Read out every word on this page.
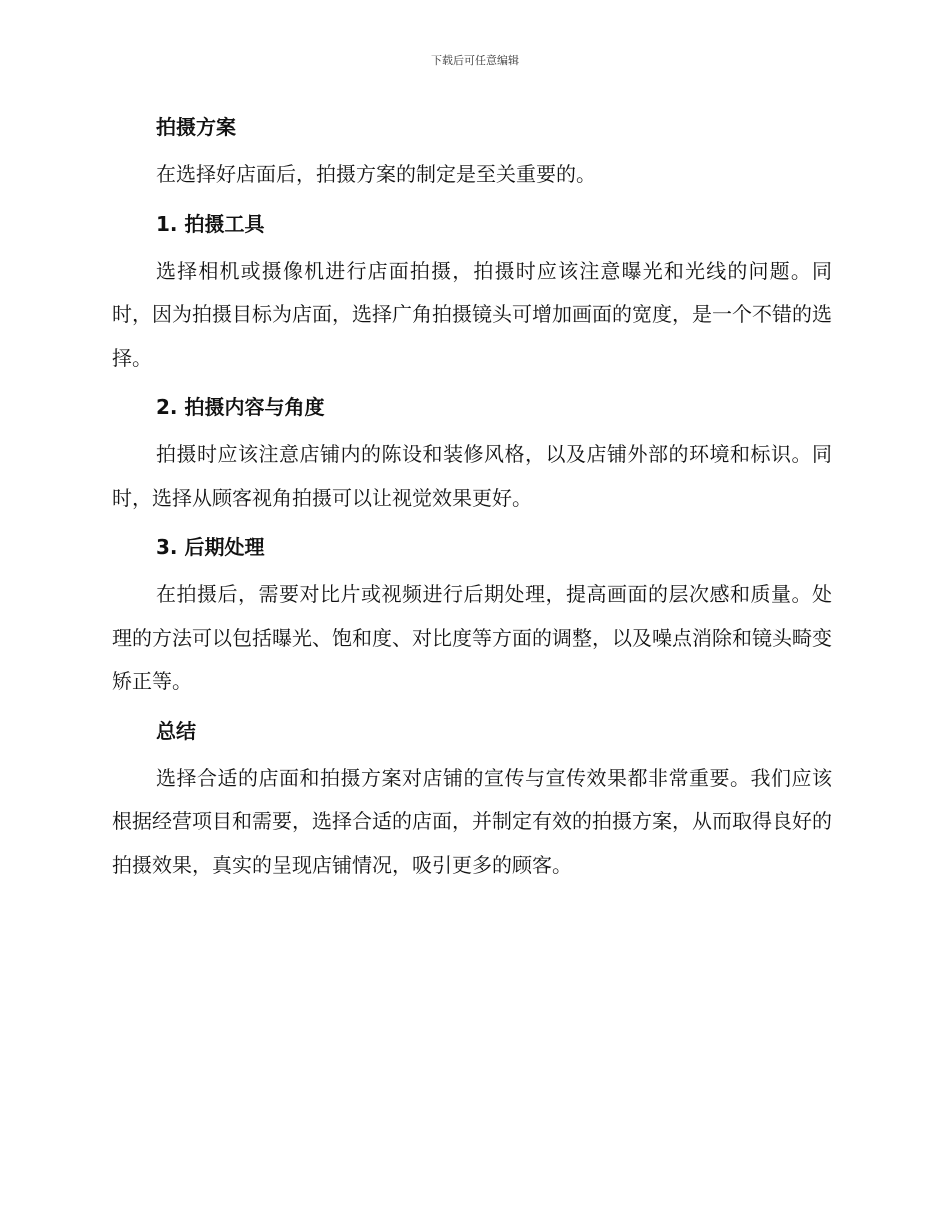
下载后可任意编辑
拍摄方案

在选择好店面后，拍摄方案的制定是至关重要的。

1. 拍摄工具

选择相机或摄像机进行店面拍摄，拍摄时应该注意曝光和光线的问题。同时，因为拍摄目标为店面，选择广角拍摄镜头可增加画面的宽度，是一个不错的选择。

2. 拍摄内容与角度

拍摄时应该注意店铺内的陈设和装修风格，以及店铺外部的环境和标识。同时，选择从顾客视角拍摄可以让视觉效果更好。

3. 后期处理

在拍摄后，需要对比片或视频进行后期处理，提高画面的层次感和质量。处理的方法可以包括曝光、饱和度、对比度等方面的调整，以及噪点消除和镜头畸变矫正等。

总结

选择合适的店面和拍摄方案对店铺的宣传与宣传效果都非常重要。我们应该根据经营项目和需要，选择合适的店面，并制定有效的拍摄方案，从而取得良好的拍摄效果，真实的呈现店铺情况，吸引更多的顾客。
